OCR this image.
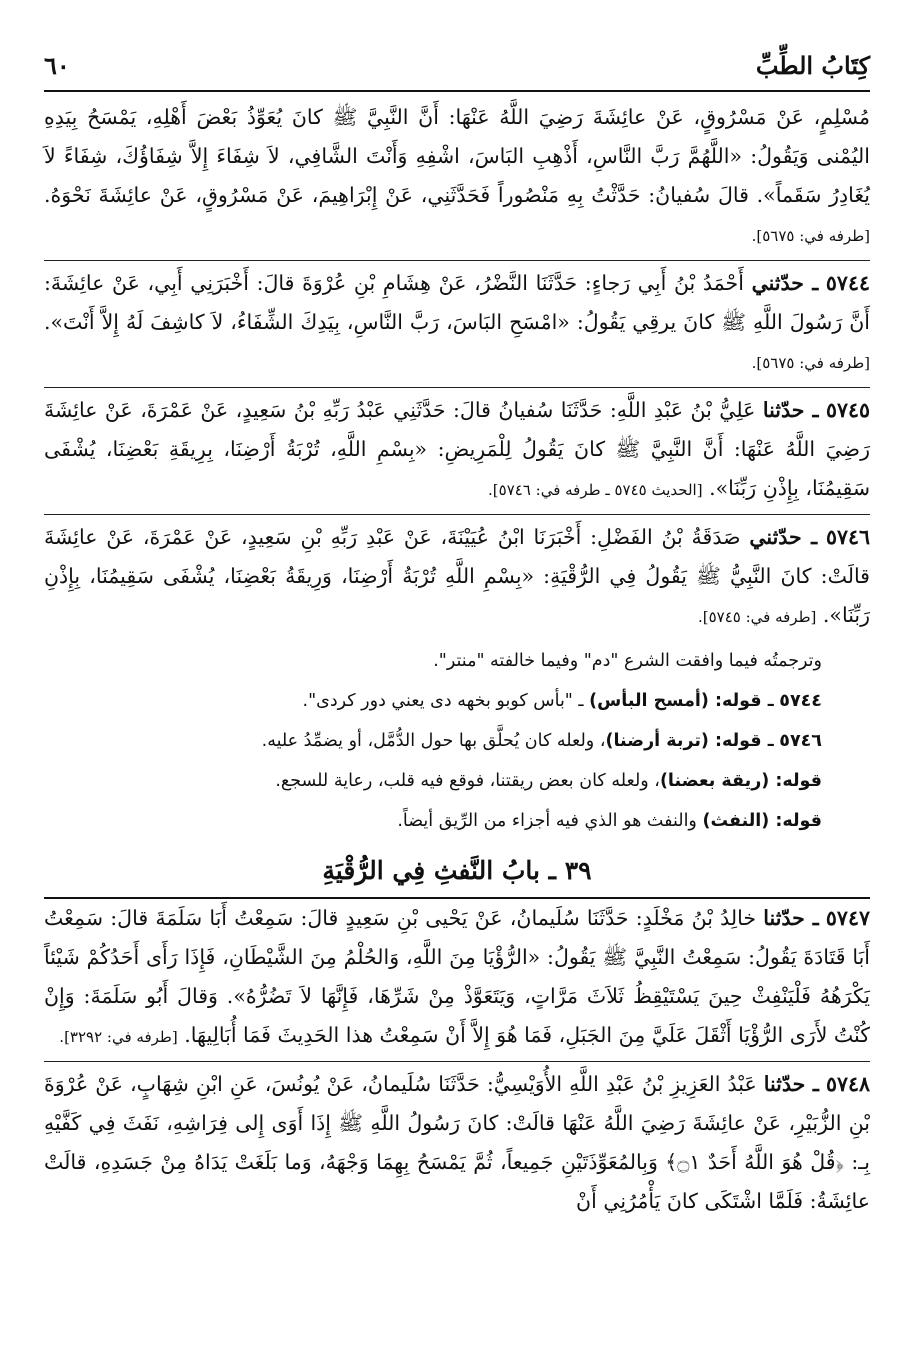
كِتَابُ الطِّبِّ
٦٠

مُسْلِمٍ، عَنْ مَسْرُوقٍ، عَنْ عائِشَةَ رَضِيَ اللَّهُ عَنْهَا: أَنَّ النَّبِيَّ ﷺ كانَ يُعَوِّذُ بَعْضَ أَهْلِهِ، يَمْسَحُ بِيَدِهِ اليُمْنى وَيَقُولُ: «اللَّهُمَّ رَبَّ النَّاسِ، أَذْهِبِ البَاسَ، اشْفِهِ وَأَنْتَ الشَّافِي، لاَ شِفَاءَ إِلاَّ شِفَاؤُكَ، شِفَاءً لاَ يُغَادِرُ سَقَماً». قالَ سُفيانُ: حَدَّثْتُ بِهِ مَنْصُوراً فَحَدَّثَنِي، عَنْ إِبْرَاهِيمَ، عَنْ مَسْرُوقٍ، عَنْ عائِشَةَ نَحْوَهُ. [طرفه في: ٥٦٧٥].

٥٧٤٤ ـ حدّثني أَحْمَدُ بْنُ أَبِي رَجاءٍ: حَدَّثَنَا النَّضْرُ، عَنْ هِشَامِ بْنِ عُرْوَةَ قالَ: أَخْبَرَنِي أَبِي، عَنْ عائِشَةَ: أَنَّ رَسُولَ اللَّهِ ﷺ كانَ يرقِي يَقُولُ: «امْسَحِ البَاسَ، رَبَّ النَّاسِ، بِيَدِكَ الشِّفَاءُ، لاَ كاشِفَ لَهُ إِلاَّ أَنْتَ». [طرفه في: ٥٦٧٥].

٥٧٤٥ ـ حدّثنا عَلِيُّ بْنُ عَبْدِ اللَّهِ: حَدَّثَنَا سُفيانُ قالَ: حَدَّثَنِي عَبْدُ رَبِّهِ بْنُ سَعِيدٍ، عَنْ عَمْرَةَ، عَنْ عائِشَةَ رَضِيَ اللَّهُ عَنْهَا: أَنَّ النَّبِيَّ ﷺ كانَ يَقُولُ لِلْمَرِيضِ: «بِسْمِ اللَّهِ، تُرْبَةُ أَرْضِنَا، بِرِيقَةِ بَعْضِنَا، يُشْفَى سَقِيمُنَا، بِإِذْنِ رَبِّنَا». [الحديث ٥٧٤٥ ـ طرفه في: ٥٧٤٦].

٥٧٤٦ ـ حدّثني صَدَقَةُ بْنُ الفَضْلِ: أَخْبَرَنَا ابْنُ عُيَيْنَةَ، عَنْ عَبْدِ رَبِّهِ بْنِ سَعِيدٍ، عَنْ عَمْرَةَ، عَنْ عائِشَةَ قالَتْ: كانَ النَّبِيُّ ﷺ يَقُولُ فِي الرُّقْيَةِ: «بِسْمِ اللَّهِ تُرْبَةُ أَرْضِنَا، وَرِيقَةُ بَعْضِنَا، يُشْفَى سَقِيمُنَا، بِإِذْنِ رَبِّنَا». [طرفه في: ٥٧٤٥].

وترجمتُه فيما وافقت الشرع "دم" وفيما خالفته "منتر".

٥٧٤٤ ـ قوله: (أمسح البأس) ـ "بأس كوبو بخهه دى يعني دور كردى".

٥٧٤٦ ـ قوله: (تربة أرضنا)، ولعله كان يُحلَّق بها حول الدُّمَّل، أو يضمِّدُ عليه.

قوله: (ريقة بعضنا)، ولعله كان بعض ريقتنا، فوقع فيه قلب، رعاية للسجع.

قوله: (النفث) والنفث هو الذي فيه أجزاء من الرِّيق أيضاً.

٣٩ ـ بابُ النَّفثِ فِي الرُّقْيَةِ

٥٧٤٧ ـ حدّثنا خالِدُ بْنُ مَخْلَدٍ: حَدَّثَنَا سُلَيمانُ، عَنْ يَحْيى بْنِ سَعِيدٍ قالَ: سَمِعْتُ أَبَا سَلَمَةَ قالَ: سَمِعْتُ أَبَا قَتَادَةَ يَقُولُ: سَمِعْتُ النَّبِيَّ ﷺ يَقُولُ: «الرُّؤْيَا مِنَ اللَّهِ، وَالحُلْمُ مِنَ الشَّيْطَانِ، فَإِذَا رَأَى أَحَدُكُمْ شَيْئاً يَكْرَهُهُ فَلْيَنْفِثْ حِينَ يَسْتَيْقِظُ ثَلاَثَ مَرَّاتٍ، وَيَتَعَوَّذْ مِنْ شَرِّهَا، فَإِنَّهَا لاَ تَضُرُّهُ». وَقالَ أَبُو سَلَمَةَ: وَإِنْ كُنْتُ لأَرَى الرُّؤْيَا أَثْقَلَ عَلَيَّ مِنَ الجَبَلِ، فَمَا هُوَ إِلاَّ أَنْ سَمِعْتُ هذا الحَدِيثَ فَمَا أُبَالِيهَا. [طرفه في: ٣٢٩٢].

٥٧٤٨ ـ حدّثنا عَبْدُ العَزِيزِ بْنُ عَبْدِ اللَّهِ الأُوَيْسِيُّ: حَدَّثَنَا سُلَيمانُ، عَنْ يُونُسَ، عَنِ ابْنِ شِهَابٍ، عَنْ عُرْوَةَ بْنِ الزُّبَيْرِ، عَنْ عائِشَةَ رَضِيَ اللَّهُ عَنْهَا قالَتْ: كانَ رَسُولُ اللَّهِ ﷺ إِذَا أَوَى إِلى فِرَاشِهِ، نَفَثَ فِي كَفَّيْهِ بِـ: ﴿قُلْ هُوَ اللَّهُ أَحَدٌ ۝١﴾ وَبِالمُعَوِّذَتَيْنِ جَمِيعاً، ثُمَّ يَمْسَحُ بِهِمَا وَجْهَهُ، وَما بَلَغَتْ يَدَاهُ مِنْ جَسَدِهِ، قالَتْ عائِشَةُ: فَلَمَّا اشْتَكَى كانَ يَأْمُرُنِي أَنْ
